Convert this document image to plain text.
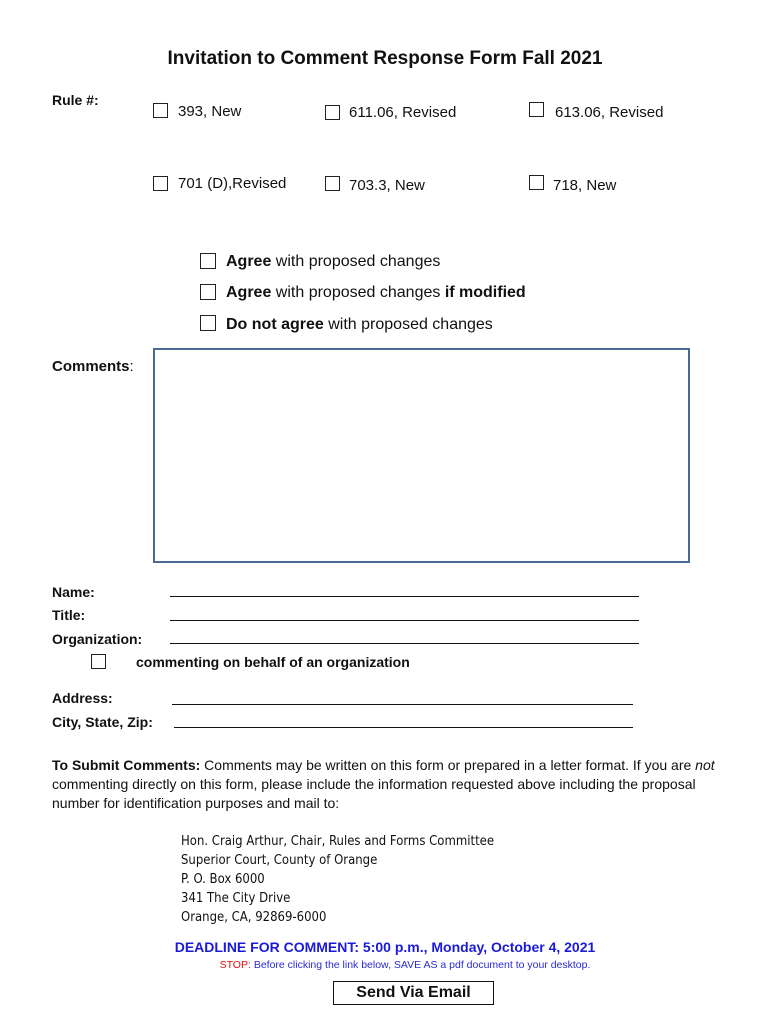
Invitation to Comment Response Form Fall 2021
Rule #:
393, New	611.06, Revised	613.06, Revised
701 (D),Revised	703.3, New	718, New
Agree with proposed changes
Agree with proposed changes if modified
Do not agree with proposed changes
Comments:
Name:
Title:
Organization:
commenting on behalf of an organization
Address:
City, State, Zip:
To Submit Comments: Comments may be written on this form or prepared in a letter format. If you are not commenting directly on this form, please include the information requested above including the proposal number for identification purposes and mail to:
Hon. Craig Arthur, Chair, Rules and Forms Committee
Superior Court, County of Orange
P. O. Box 6000
341 The City Drive
Orange, CA, 92869-6000
DEADLINE FOR COMMENT: 5:00 p.m., Monday, October 4, 2021
STOP: Before clicking the link below, SAVE AS a pdf document to your desktop.
Send Via Email
